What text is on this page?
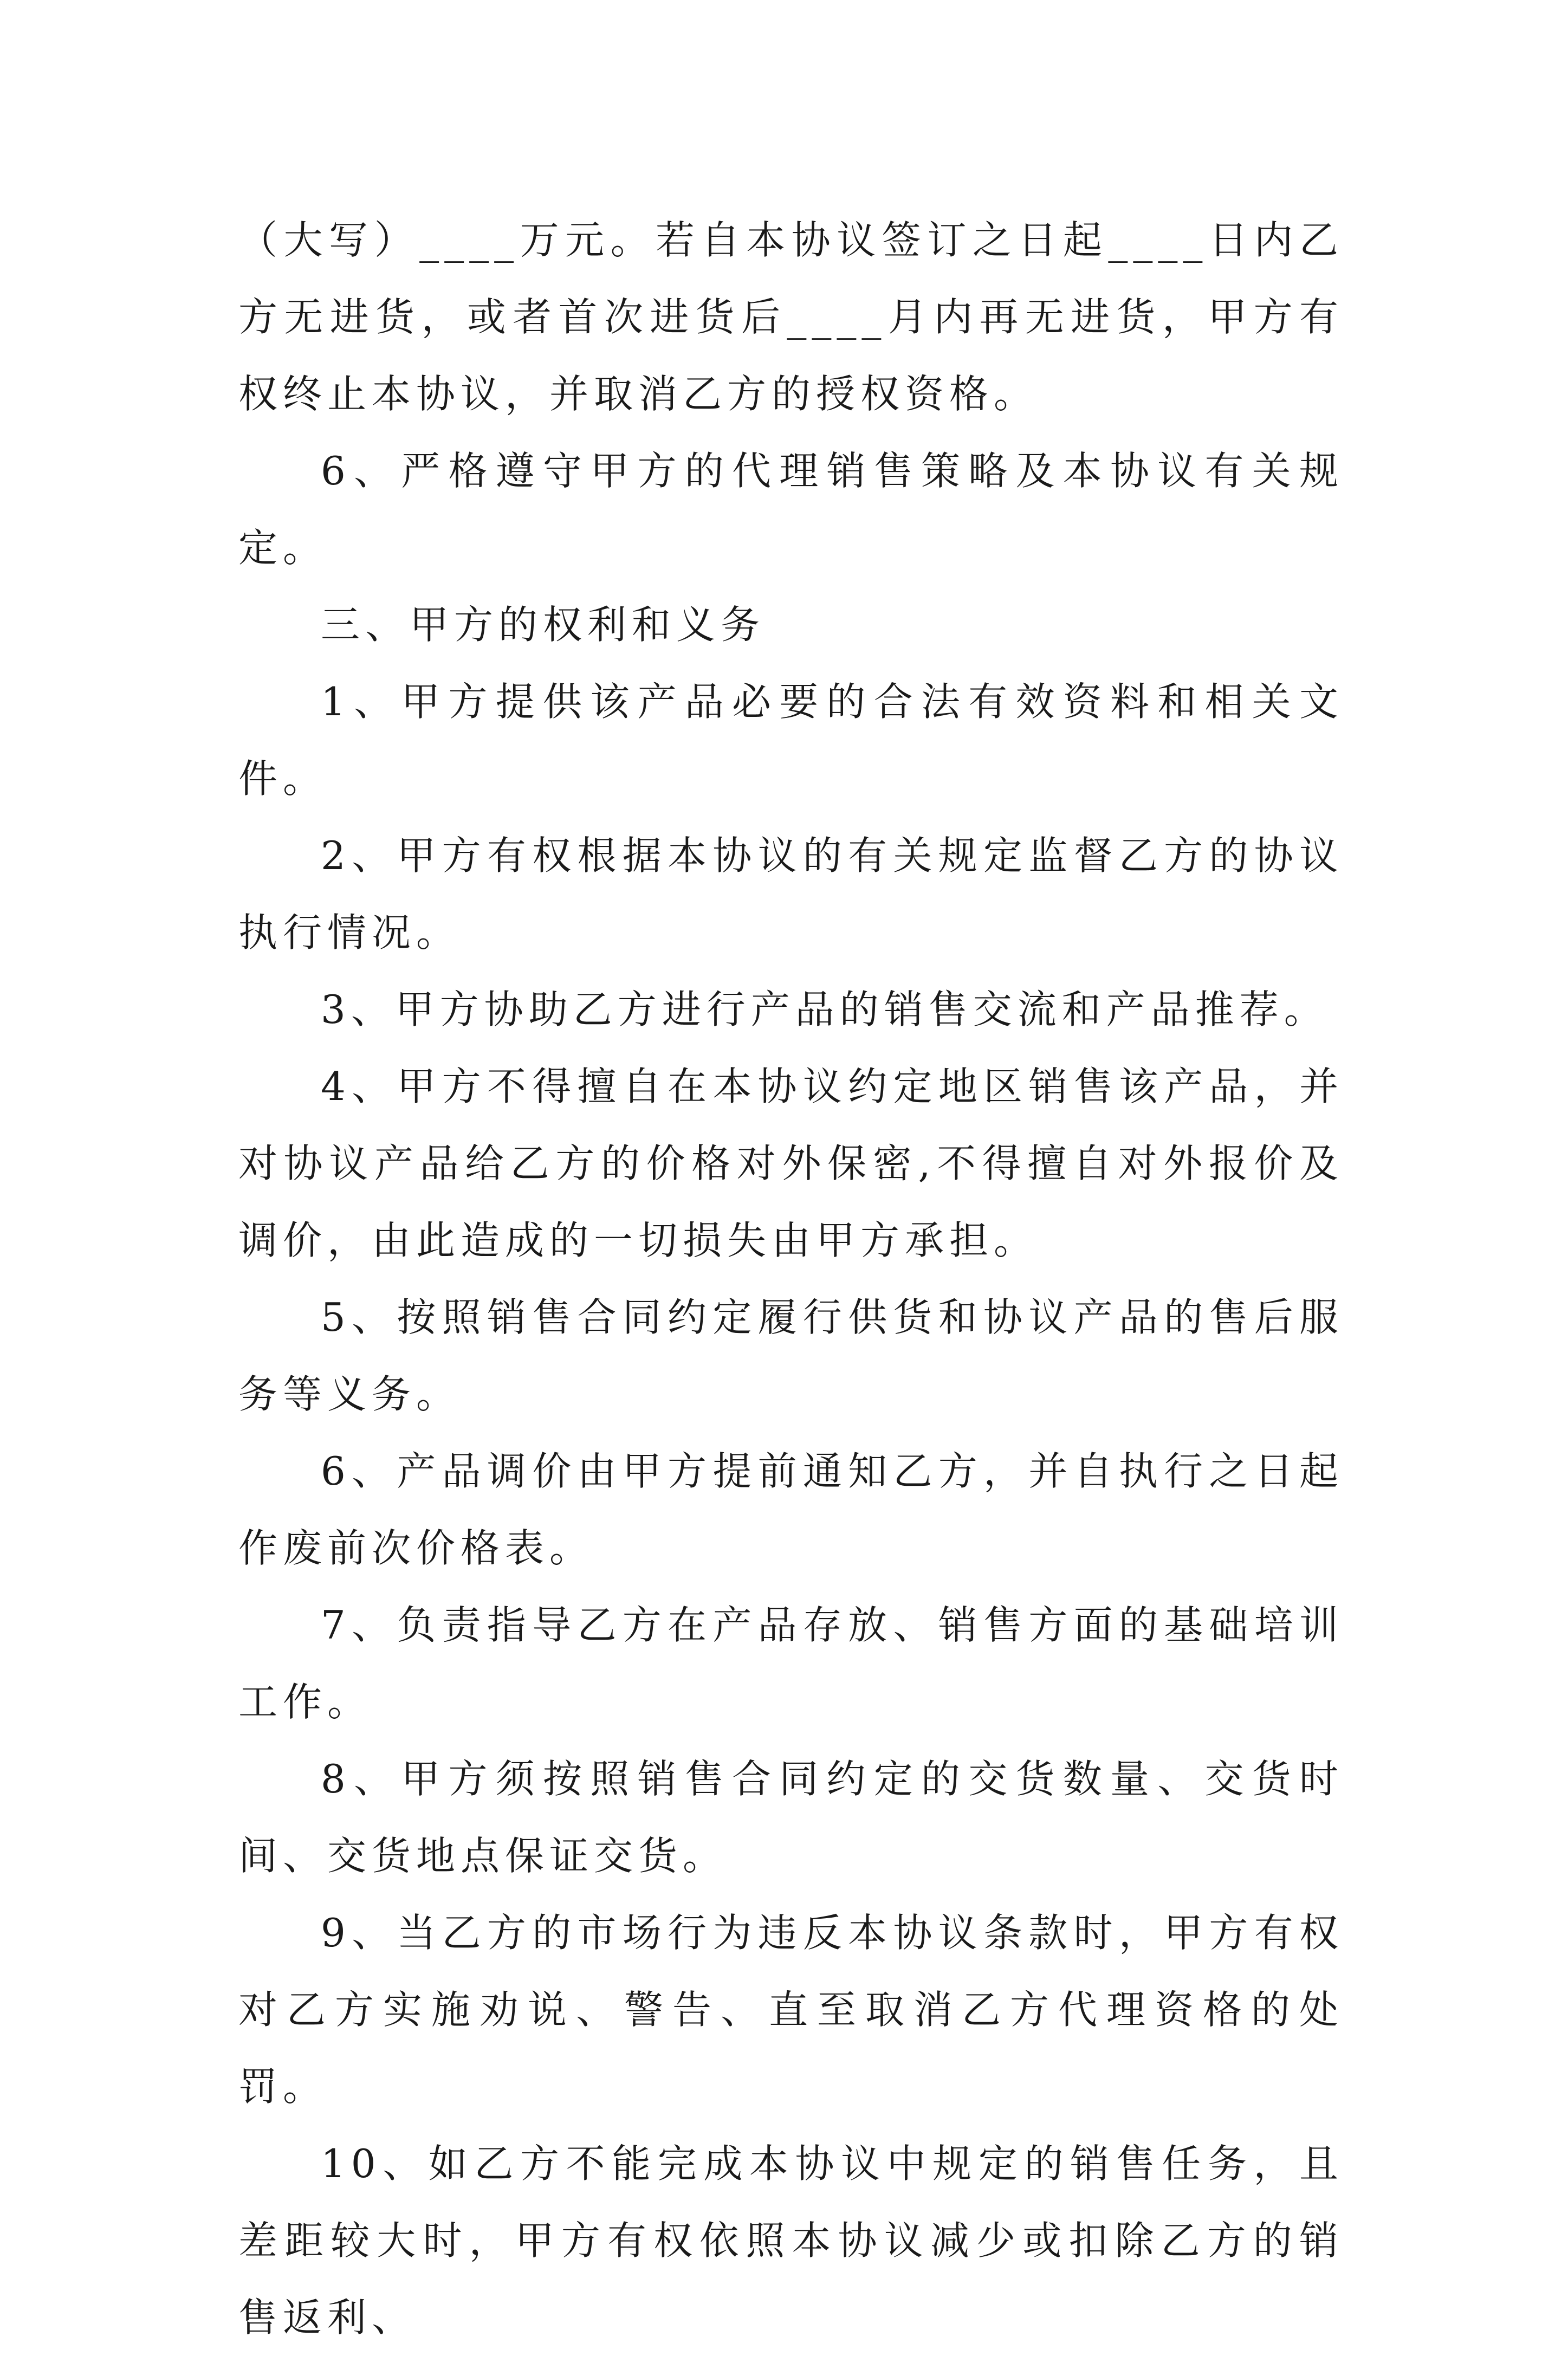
（大写）____万元。若自本协议签订之日起____日内乙方无进货，或者首次进货后____月内再无进货，甲方有权终止本协议，并取消乙方的授权资格。

6、严格遵守甲方的代理销售策略及本协议有关规定。

三、甲方的权利和义务

1、甲方提供该产品必要的合法有效资料和相关文件。

2、甲方有权根据本协议的有关规定监督乙方的协议执行情况。

3、甲方协助乙方进行产品的销售交流和产品推荐。

4、甲方不得擅自在本协议约定地区销售该产品，并对协议产品给乙方的价格对外保密,不得擅自对外报价及调价，由此造成的一切损失由甲方承担。

5、按照销售合同约定履行供货和协议产品的售后服务等义务。

6、产品调价由甲方提前通知乙方，并自执行之日起作废前次价格表。

7、负责指导乙方在产品存放、销售方面的基础培训工作。

8、甲方须按照销售合同约定的交货数量、交货时间、交货地点保证交货。

9、当乙方的市场行为违反本协议条款时，甲方有权对乙方实施劝说、警告、直至取消乙方代理资格的处罚。

10、如乙方不能完成本协议中规定的销售任务，且差距较大时，甲方有权依照本协议减少或扣除乙方的销售返利、
